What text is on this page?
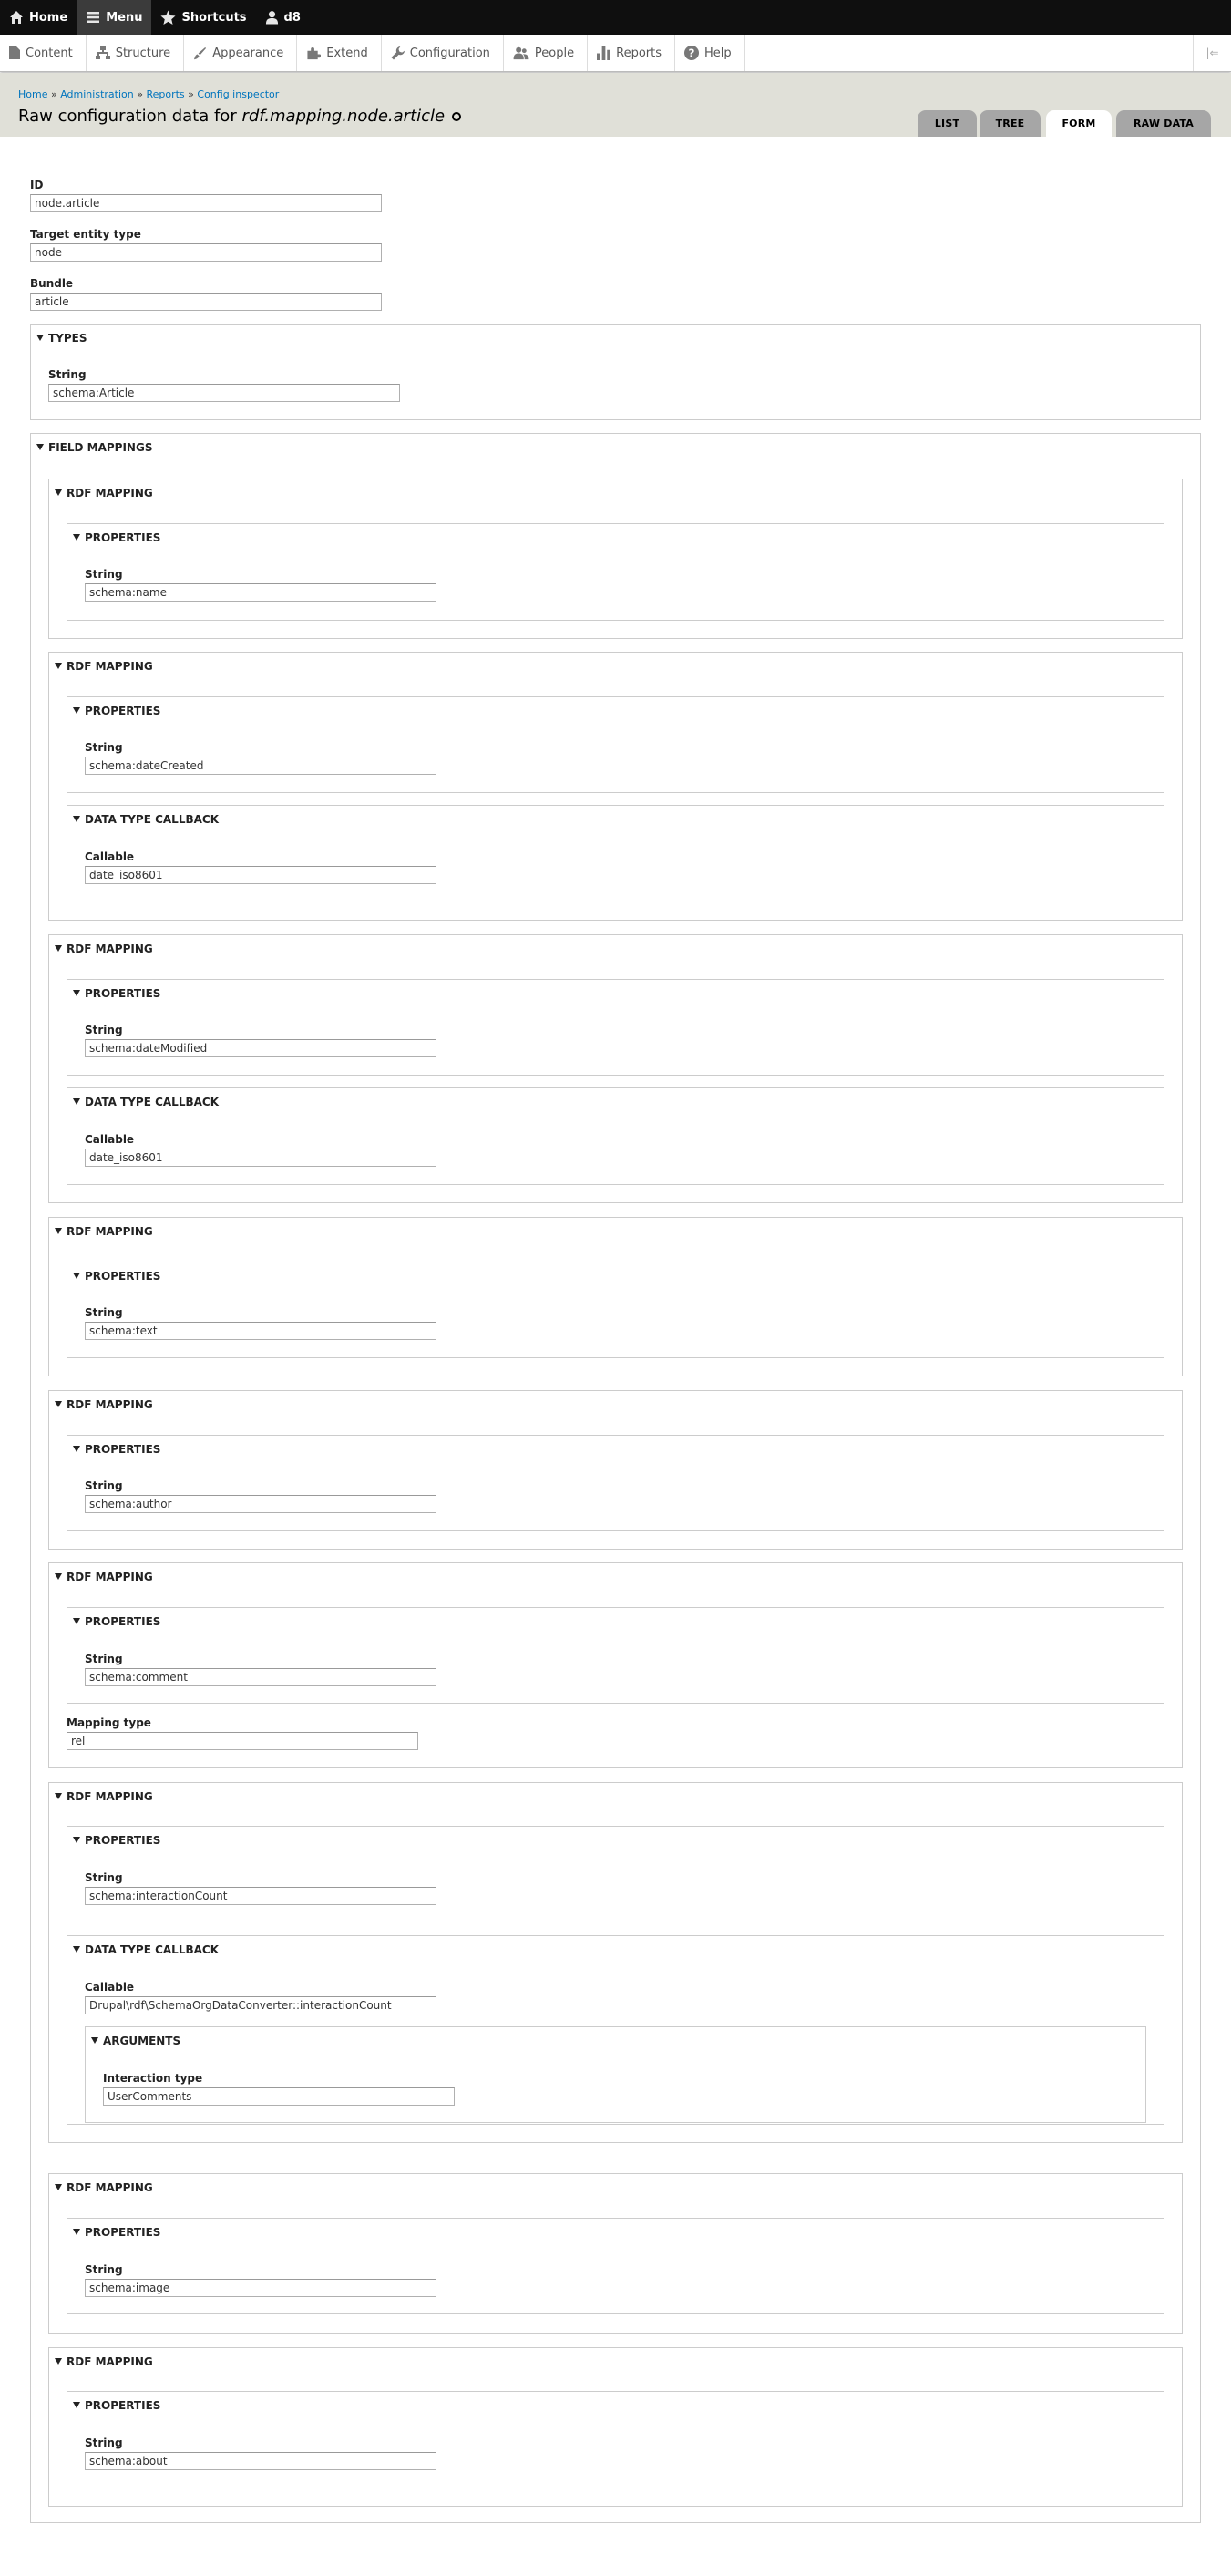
Home	Menu	Shortcuts	d8
Content	Structure	Appearance	Extend	Configuration	People	Reports ? Help	|⇐
Home » Administration » Reports » Config inspector
Raw configuration data for rdf.mapping.node.article	LIST	TREE	FORM	RAW DATA
ID
node.article
Target entity type
node
Bundle
article
TYPES
String
schema:Article
FIELD MAPPINGS
RDF MAPPING
PROPERTIES
String
schema:name
RDF MAPPING
PROPERTIES
String
schema:dateCreated
DATA TYPE CALLBACK
Callable
date_iso8601
RDF MAPPING
PROPERTIES
String
schema:dateModified
DATA TYPE CALLBACK
Callable
date_iso8601
RDF MAPPING
PROPERTIES
String
schema:text
RDF MAPPING
PROPERTIES
String
schema:author
RDF MAPPING
PROPERTIES
String
schema:comment
Mapping type
rel
RDF MAPPING
PROPERTIES
String
schema:interactionCount
DATA TYPE CALLBACK
Callable
Drupal\rdf\SchemaOrgDataConverter::interactionCount
ARGUMENTS
Interaction type
UserComments
RDF MAPPING
PROPERTIES
String
schema:image
RDF MAPPING
PROPERTIES
String
schema:about
